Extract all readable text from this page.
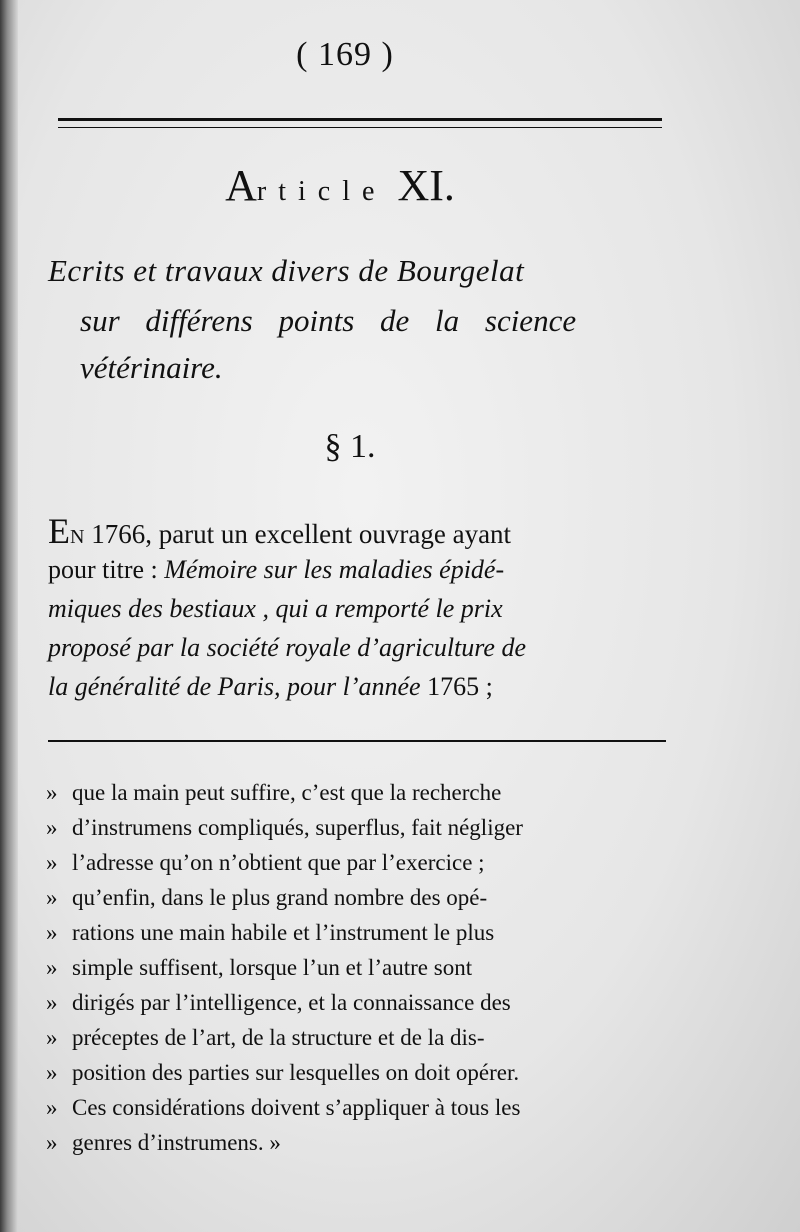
( 169 )
Article XI.
Ecrits et travaux divers de Bourgelat
sur différens points de la science
vétérinaire.
§ 1.
EN 1766, parut un excellent ouvrage ayant
pour titre : Mémoire sur les maladies épidé-
miques des bestiaux , qui a remporté le prix
proposé par la société royale d’agriculture de
la généralité de Paris, pour l’année 1765 ;
» que la main peut suffire, c’est que la recherche
» d’instrumens compliqués, superflus, fait négliger
» l’adresse qu’on n’obtient que par l’exercice ;
» qu’enfin, dans le plus grand nombre des opé-
» rations une main habile et l’instrument le plus
» simple suffisent, lorsque l’un et l’autre sont
» dirigés par l’intelligence, et la connaissance des
» préceptes de l’art, de la structure et de la dis-
» position des parties sur lesquelles on doit opérer.
» Ces considérations doivent s’appliquer à tous les
» genres d’instrumens. »
